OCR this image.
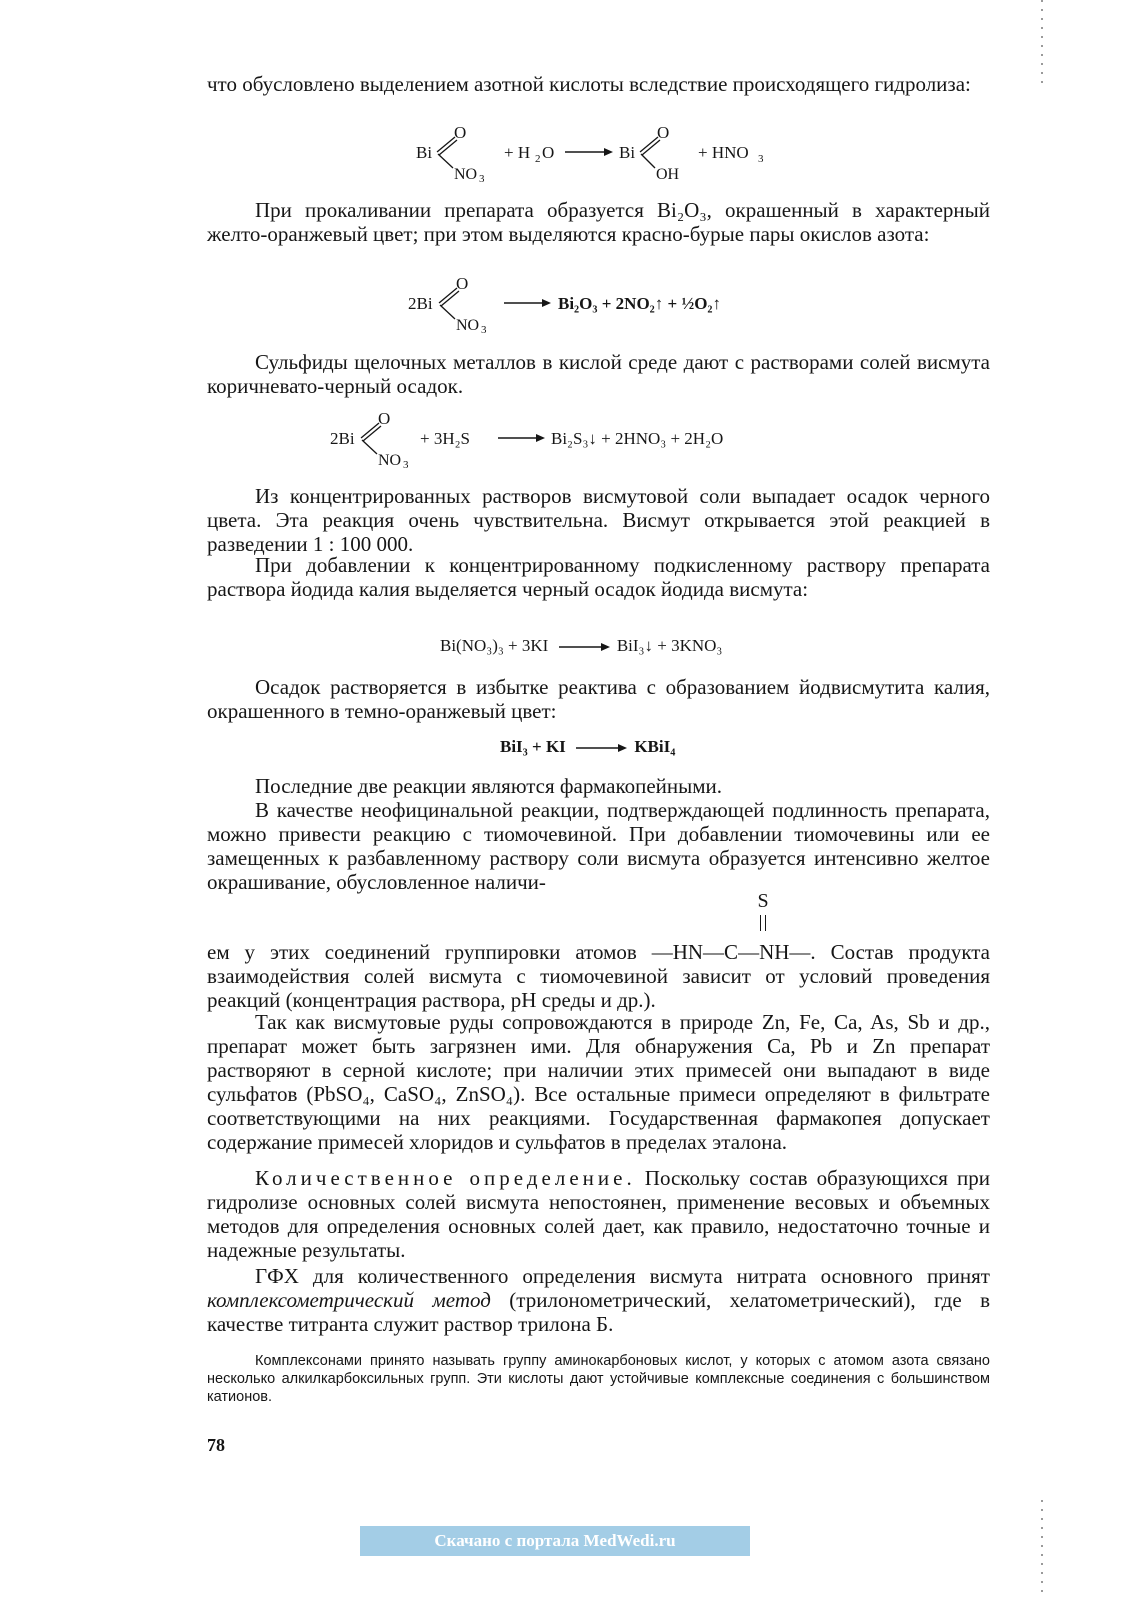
что обусловлено выделением азотной кислоты вследствие происходящего гидролиза:

Bi
O
NO 3
+ H 2 O	Bi
O
OH
+ HNO 3

При прокаливании препарата образуется Bi₂O₃, окрашенный в характерный желто-оранжевый цвет; при этом выделяются красно-бурые пары окислов азота:

2Bi
O
NO 3
Bi₂O₃ + 2NO₂↑ + ½O₂↑

Сульфиды щелочных металлов в кислой среде дают с растворами солей висмута коричневато-черный осадок.

2Bi
O
NO 3
+ 3H₂S	Bi₂S₃↓ + 2HNO₃ + 2H₂O

Из концентрированных растворов висмутовой соли выпадает осадок черного цвета. Эта реакция очень чувствительна. Висмут открывается этой реакцией в разведении 1 : 100 000.

При добавлении к концентрированному подкисленному раствору препарата раствора йодида калия выделяется черный осадок йодида висмута:

Bi(NO₃)₃ + 3KI	BiI₃↓ + 3KNO₃

Осадок растворяется в избытке реактива с образованием йодвисмутита калия, окрашенного в темно-оранжевый цвет:

BiI₃ + KI	KBiI₄

Последние две реакции являются фармакопейными.

В качестве неофицинальной реакции, подтверждающей подлинность препарата, можно привести реакцию с тиомочевиной. При добавлении тиомочевины или ее замещенных к разбавленному раствору соли висмута образуется интенсивно желтое окрашивание, обусловленное наличи-

S

ем у этих соединений группировки атомов —HN—C—NH—. Состав продукта взаимодействия солей висмута с тиомочевиной зависит от условий проведения реакций (концентрация раствора, pH среды и др.).

Так как висмутовые руды сопровождаются в природе Zn, Fe, Ca, As, Sb и др., препарат может быть загрязнен ими. Для обнаружения Ca, Pb и Zn препарат растворяют в серной кислоте; при наличии этих примесей они выпадают в виде сульфатов (PbSO₄, CaSO₄, ZnSO₄). Все остальные примеси определяют в фильтрате соответствующими на них реакциями. Государственная фармакопея допускает содержание примесей хлоридов и сульфатов в пределах эталона.

Количественное определение. Поскольку состав образующихся при гидролизе основных солей висмута непостоянен, применение весовых и объемных методов для определения основных солей дает, как правило, недостаточно точные и надежные результаты.

ГФХ для количественного определения висмута нитрата основного принят комплексометрический метод (трилонометрический, хелатометрический), где в качестве титранта служит раствор трилона Б.

Комплексонами принято называть группу аминокарбоновых кислот, у которых с атомом азота связано несколько алкилкарбоксильных групп. Эти кислоты дают устойчивые комплексные соединения с большинством катионов.

78
Скачано с портала MedWedi.ru
